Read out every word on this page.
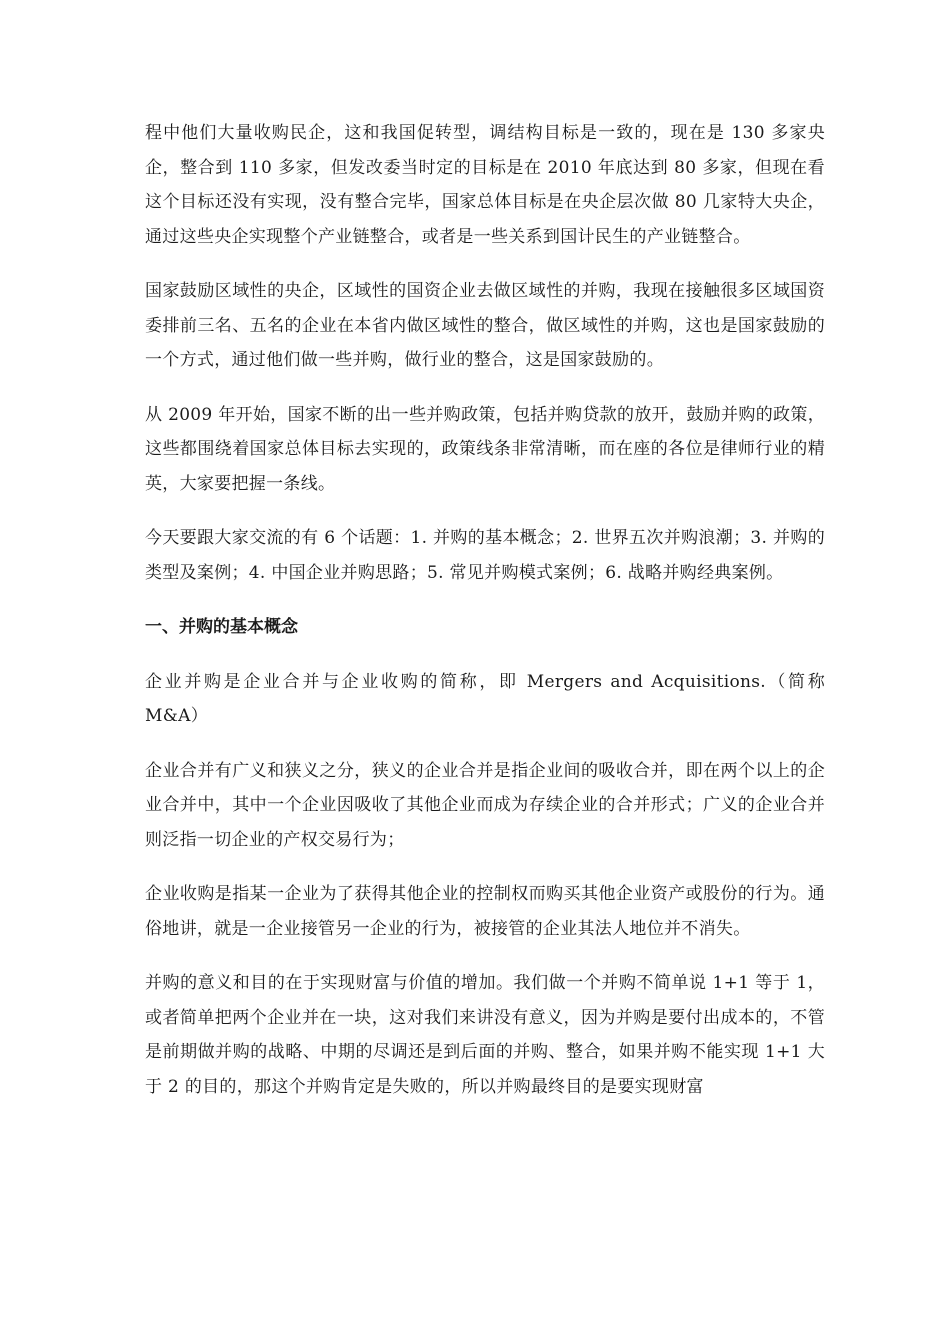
程中他们大量收购民企，这和我国促转型，调结构目标是一致的，现在是 130 多家央企，整合到 110 多家，但发改委当时定的目标是在 2010 年底达到 80 多家，但现在看这个目标还没有实现，没有整合完毕，国家总体目标是在央企层次做 80 几家特大央企，通过这些央企实现整个产业链整合，或者是一些关系到国计民生的产业链整合。

国家鼓励区域性的央企，区域性的国资企业去做区域性的并购，我现在接触很多区域国资委排前三名、五名的企业在本省内做区域性的整合，做区域性的并购，这也是国家鼓励的一个方式，通过他们做一些并购，做行业的整合，这是国家鼓励的。

从 2009 年开始，国家不断的出一些并购政策，包括并购贷款的放开，鼓励并购的政策，这些都围绕着国家总体目标去实现的，政策线条非常清晰，而在座的各位是律师行业的精英，大家要把握一条线。

今天要跟大家交流的有 6 个话题：1. 并购的基本概念；2. 世界五次并购浪潮；3. 并购的类型及案例；4. 中国企业并购思路；5. 常见并购模式案例；6. 战略并购经典案例。

一、并购的基本概念

企业并购是企业合并与企业收购的简称，即 Mergers and Acquisitions.（简称 M&A）

企业合并有广义和狭义之分，狭义的企业合并是指企业间的吸收合并，即在两个以上的企业合并中，其中一个企业因吸收了其他企业而成为存续企业的合并形式；广义的企业合并则泛指一切企业的产权交易行为；

企业收购是指某一企业为了获得其他企业的控制权而购买其他企业资产或股份的行为。通俗地讲，就是一企业接管另一企业的行为，被接管的企业其法人地位并不消失。

并购的意义和目的在于实现财富与价值的增加。我们做一个并购不简单说 1+1 等于 1，或者简单把两个企业并在一块，这对我们来讲没有意义，因为并购是要付出成本的，不管是前期做并购的战略、中期的尽调还是到后面的并购、整合，如果并购不能实现 1+1 大于 2 的目的，那这个并购肯定是失败的，所以并购最终目的是要实现财富
